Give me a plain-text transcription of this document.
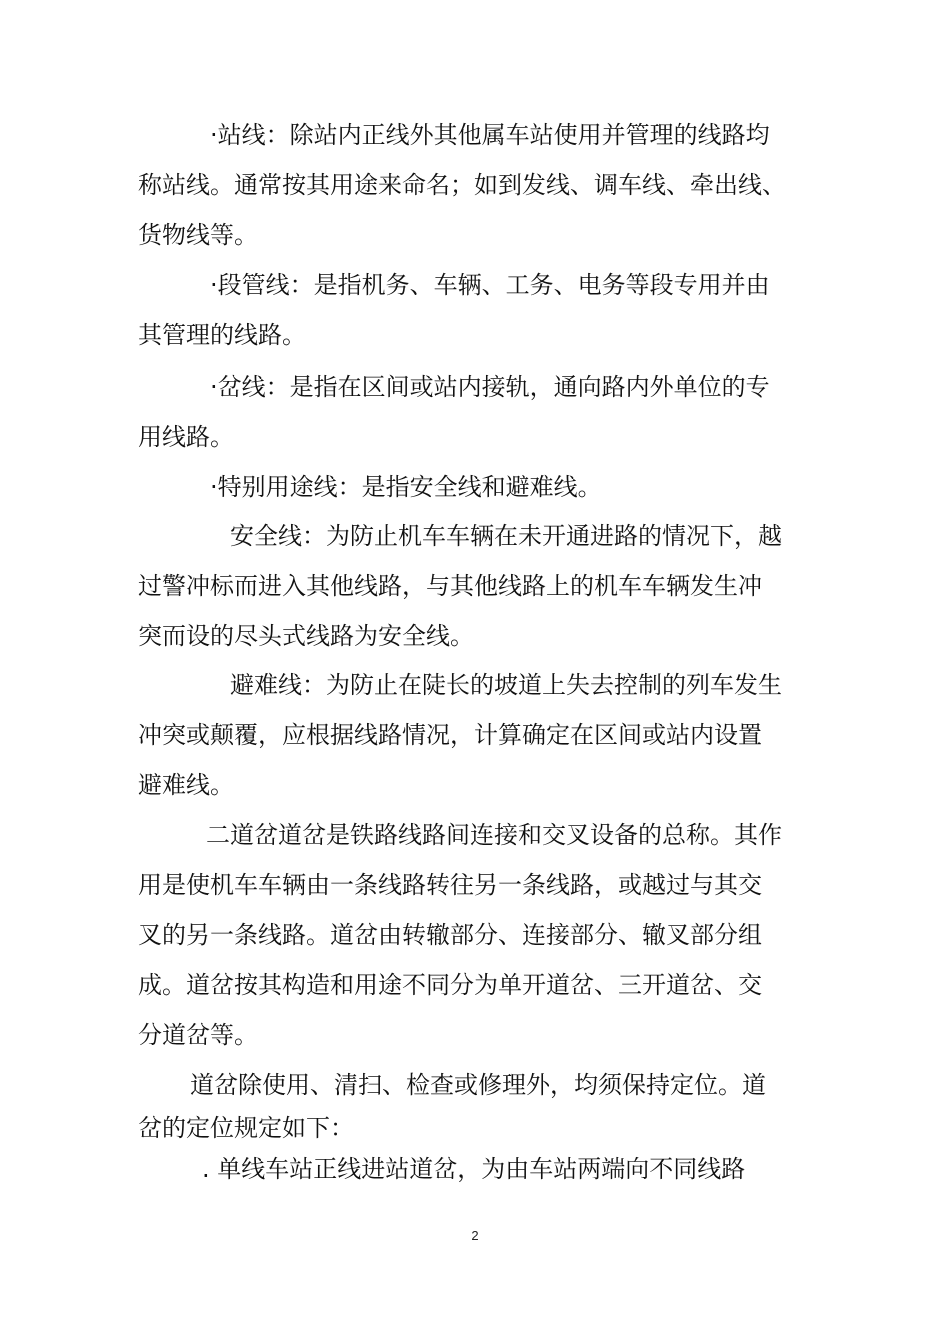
·站线：除站内正线外其他属车站使用并管理的线路均
称站线。通常按其用途来命名；如到发线、调车线、牵出线、
货物线等。
·段管线：是指机务、车辆、工务、电务等段专用并由
其管理的线路。
·岔线：是指在区间或站内接轨，通向路内外单位的专
用线路。
·特别用途线：是指安全线和避难线。
安全线：为防止机车车辆在未开通进路的情况下，越
过警冲标而进入其他线路，与其他线路上的机车车辆发生冲
突而设的尽头式线路为安全线。
避难线：为防止在陡长的坡道上失去控制的列车发生
冲突或颠覆，应根据线路情况，计算确定在区间或站内设置
避难线。
二道岔道岔是铁路线路间连接和交叉设备的总称。其作
用是使机车车辆由一条线路转往另一条线路，或越过与其交
叉的另一条线路。道岔由转辙部分、连接部分、辙叉部分组
成。道岔按其构造和用途不同分为单开道岔、三开道岔、交
分道岔等。
道岔除使用、清扫、检查或修理外，均须保持定位。道
岔的定位规定如下：
. 单线车站正线进站道岔，为由车站两端向不同线路
2
